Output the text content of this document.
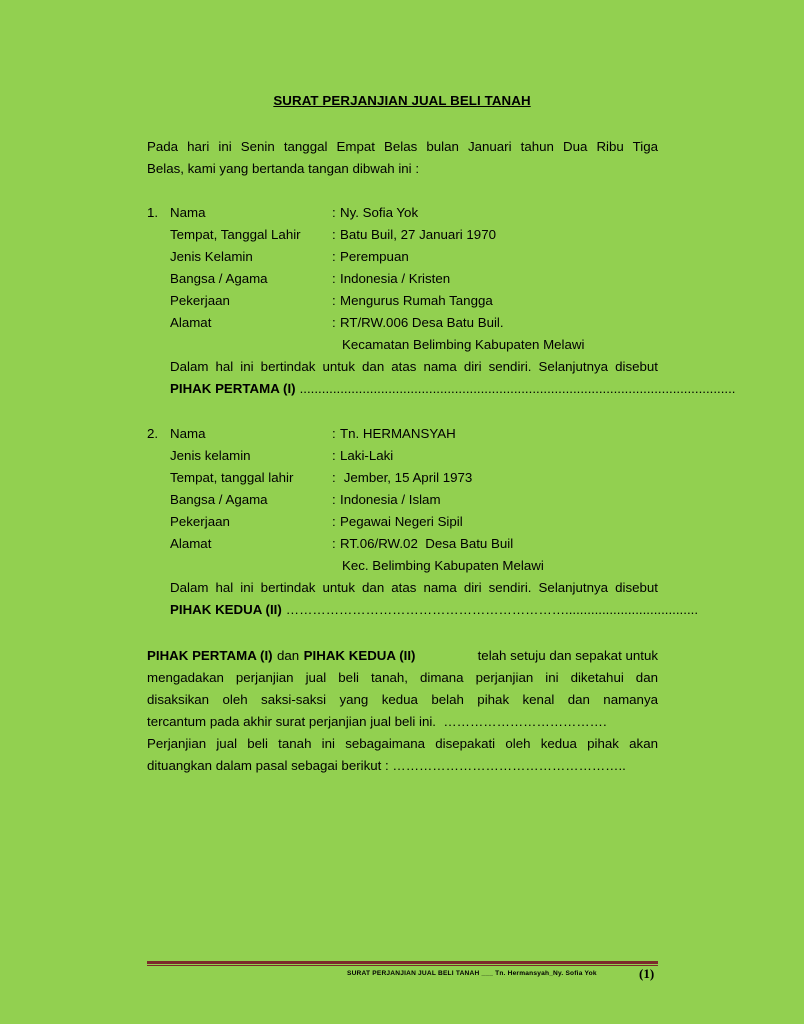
SURAT PERJANJIAN JUAL BELI TANAH
Pada hari ini Senin tanggal Empat Belas bulan Januari tahun Dua Ribu Tiga
Belas, kami yang bertanda tangan dibwah ini :
1. Nama	: Ny. Sofia Yok
Tempat, Tanggal Lahir : Batu Buil, 27 Januari 1970
Jenis Kelamin	: Perempuan
Bangsa / Agama	: Indonesia / Kristen
Pekerjaan	: Mengurus Rumah Tangga
Alamat	: RT/RW.006 Desa Batu Buil.
Kecamatan Belimbing Kabupaten Melawi
Dalam hal ini bertindak untuk dan atas nama diri sendiri. Selanjutnya disebut
PIHAK PERTAMA (I) ......................................................................................................................
2. Nama	: Tn. HERMANSYAH
Jenis kelamin	: Laki-Laki
Tempat, tanggal lahir	: Jember, 15 April 1973
Bangsa / Agama	: Indonesia / Islam
Pekerjaan	: Pegawai Negeri Sipil
Alamat	: RT.06/RW.02  Desa Batu Buil
Kec. Belimbing Kabupaten Melawi
Dalam hal ini bertindak untuk dan atas nama diri sendiri. Selanjutnya disebut
PIHAK KEDUA (II) ………………………………………………………....................................
PIHAK PERTAMA (I) dan PIHAK KEDUA (II)	telah setuju dan sepakat untuk
mengadakan perjanjian jual beli tanah, dimana perjanjian ini diketahui dan
disaksikan oleh saksi-saksi yang kedua belah pihak kenal dan namanya
tercantum pada akhir surat perjanjian jual beli ini.  ……………………………….
Perjanjian jual beli tanah ini sebagaimana disepakati oleh kedua pihak akan
dituangkan dalam pasal sebagai berikut : ……………………………………………..
SURAT PERJANJIAN JUAL BELI TANAH ___ Tn. Hermansyah_Ny. Sofia Yok	(1)
